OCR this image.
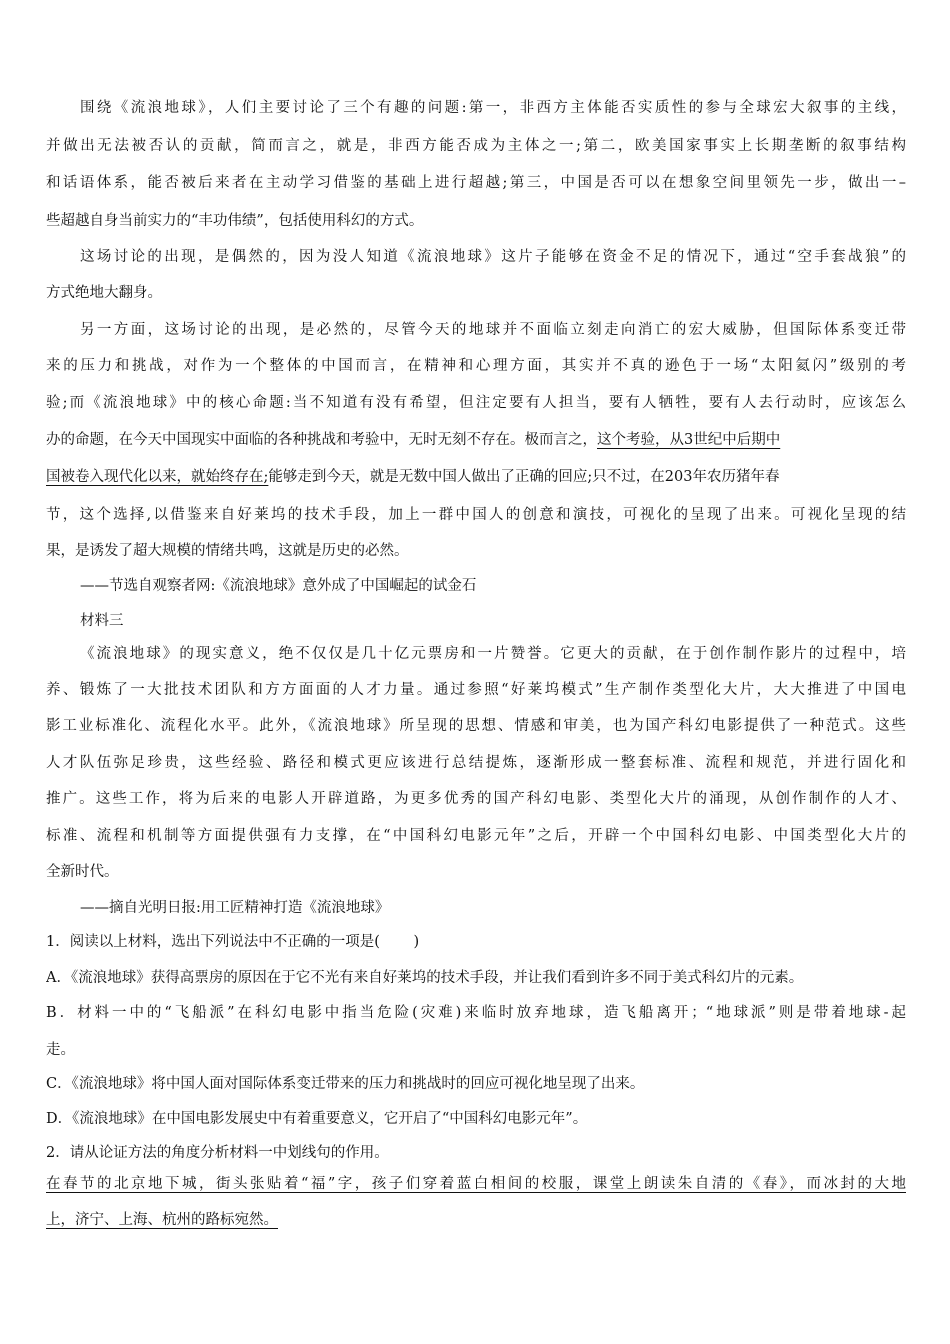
围绕《流浪地球》，人们主要讨论了三个有趣的问题:第一，非西方主体能否实质性的参与全球宏大叙事的主线，
并做出无法被否认的贡献，简而言之，就是，非西方能否成为主体之一;第二，欧美国家事实上长期垄断的叙事结构
和话语体系，能否被后来者在主动学习借鉴的基础上进行超越;第三，中国是否可以在想象空间里领先一步，做出一–
些超越自身当前实力的“丰功伟绩”，包括使用科幻的方式。
这场讨论的出现，是偶然的，因为没人知道《流浪地球》这片子能够在资金不足的情况下，通过“空手套战狼”的
方式绝地大翻身。
另一方面，这场讨论的出现，是必然的，尽管今天的地球并不面临立刻走向消亡的宏大威胁，但国际体系变迁带
来的压力和挑战，对作为一个整体的中国而言，在精神和心理方面，其实并不真的逊色于一场“太阳氦闪”级别的考
验;而《流浪地球》中的核心命题:当不知道有没有希望，但注定要有人担当，要有人牺牲，要有人去行动时，应该怎么
办的命题，在今天中国现实中面临的各种挑战和考验中，无时无刻不存在。极而言之，这个考验，从3世纪中后期中
国被卷入现代化以来，就始终存在;能够走到今天，就是无数中国人做出了正确的回应;只不过，在203年农历猪年春
节，这个选择,以借鉴来自好莱坞的技术手段，加上一群中国人的创意和演技，可视化的呈现了出来。可视化呈现的结
果，是诱发了超大规模的情绪共鸣，这就是历史的必然。
——节选自观察者网:《流浪地球》意外成了中国崛起的试金石
材料三
《流浪地球》的现实意义，绝不仅仅是几十亿元票房和一片赞誉。它更大的贡献，在于创作制作影片的过程中，培
养、锻炼了一大批技术团队和方方面面的人才力量。通过参照“好莱坞模式”生产制作类型化大片，大大推进了中国电
影工业标准化、流程化水平。此外，《流浪地球》所呈现的思想、情感和审美，也为国产科幻电影提供了一种范式。这些
人才队伍弥足珍贵，这些经验、路径和模式更应该进行总结提炼，逐渐形成一整套标准、流程和规范，并进行固化和
推广。这些工作，将为后来的电影人开辟道路，为更多优秀的国产科幻电影、类型化大片的涌现，从创作制作的人才、
标准、流程和机制等方面提供强有力支撑，在“中国科幻电影元年”之后，开辟一个中国科幻电影、中国类型化大片的
全新时代。
——摘自光明日报:用工匠精神打造《流浪地球》
1．阅读以上材料，选出下列说法中不正确的一项是(　　 )
A．《流浪地球》获得高票房的原因在于它不光有来自好莱坞的技术手段，并让我们看到许多不同于美式科幻片的元素。
B．材料一中的“飞船派”在科幻电影中指当危险(灾难)来临时放弃地球，造飞船离开；“地球派”则是带着地球-起
走。
C．《流浪地球》将中国人面对国际体系变迁带来的压力和挑战时的回应可视化地呈现了出来。
D．《流浪地球》在中国电影发展史中有着重要意义，它开启了“中国科幻电影元年”。
2．请从论证方法的角度分析材料一中划线句的作用。
在春节的北京地下城，街头张贴着“福”字，孩子们穿着蓝白相间的校服，课堂上朗读朱自清的《春》，而冰封的大地
上，济宁、上海、杭州的路标宛然。
